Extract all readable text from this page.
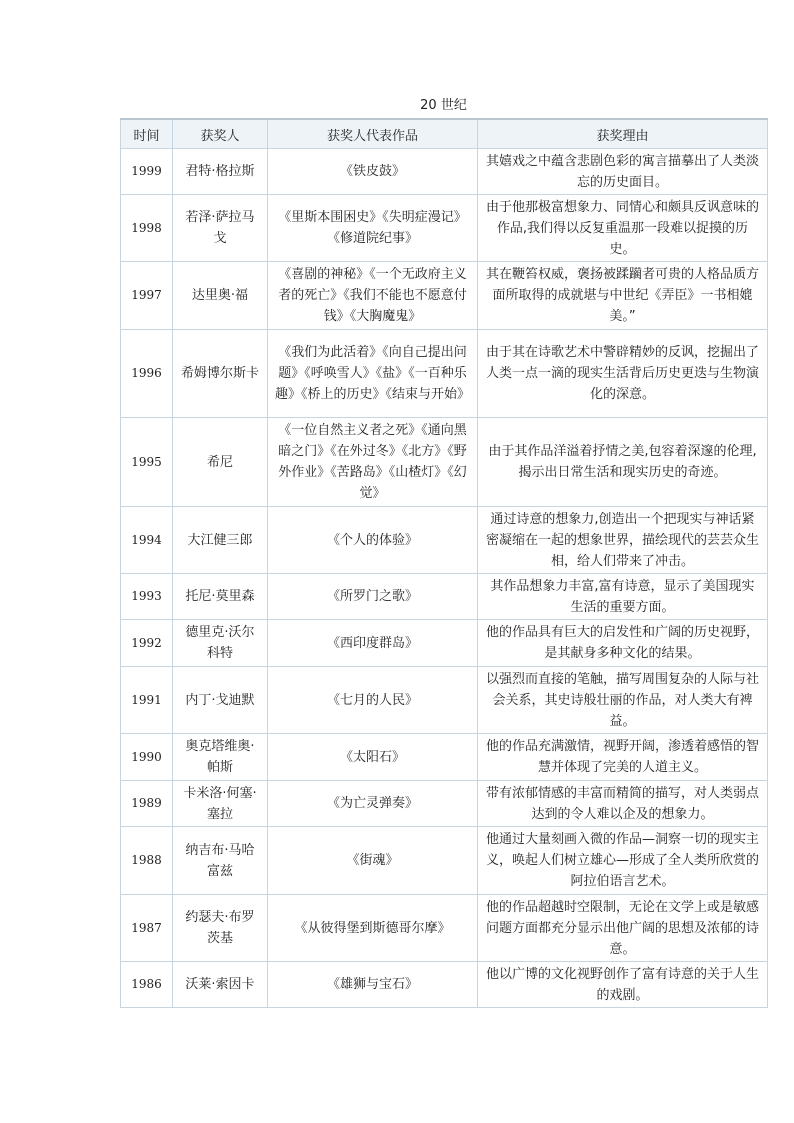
20 世纪
时间	获奖人	获奖人代表作品	获奖理由
1999	君特·格拉斯	《铁皮鼓》	其嬉戏之中蕴含悲剧色彩的寓言描摹出了人类淡忘的历史面目。
1998	若泽·萨拉马戈	《里斯本围困史》《失明症漫记》《修道院纪事》	由于他那极富想象力、同情心和颇具反讽意味的作品,我们得以反复重温那一段难以捉摸的历史。
1997	达里奥·福	《喜剧的神秘》《一个无政府主义者的死亡》《我们不能也不愿意付钱》《大胸魔鬼》	其在鞭笞权威，褒扬被蹂躏者可贵的人格品质方面所取得的成就堪与中世纪《弄臣》一书相媲美。”
1996	希姆博尔斯卡	《我们为此活着》《向自己提出问题》《呼唤雪人》《盐》《一百种乐趣》《桥上的历史》《结束与开始》	由于其在诗歌艺术中警辟精妙的反讽，挖掘出了人类一点一滴的现实生活背后历史更迭与生物演化的深意。
1995	希尼	《一位自然主义者之死》《通向黑暗之门》《在外过冬》《北方》《野外作业》《苦路岛》《山楂灯》《幻觉》	由于其作品洋溢着抒情之美,包容着深邃的伦理,揭示出日常生活和现实历史的奇迹。
1994	大江健三郎	《个人的体验》	通过诗意的想象力,创造出一个把现实与神话紧密凝缩在一起的想象世界，描绘现代的芸芸众生相，给人们带来了冲击。
1993	托尼·莫里森	《所罗门之歌》	其作品想象力丰富,富有诗意，显示了美国现实生活的重要方面。
1992	德里克·沃尔科特	《西印度群岛》	他的作品具有巨大的启发性和广阔的历史视野，是其献身多种文化的结果。
1991	内丁·戈迪默	《七月的人民》	以强烈而直接的笔触，描写周围复杂的人际与社会关系，其史诗般壮丽的作品，对人类大有裨益。
1990	奥克塔维奥·帕斯	《太阳石》	他的作品充满激情，视野开阔，渗透着感悟的智慧并体现了完美的人道主义。
1989	卡米洛·何塞·塞拉	《为亡灵弹奏》	带有浓郁情感的丰富而精简的描写，对人类弱点达到的令人难以企及的想象力。
1988	纳吉布·马哈富兹	《街魂》	他通过大量刻画入微的作品—洞察一切的现实主义，唤起人们树立雄心—形成了全人类所欣赏的阿拉伯语言艺术。
1987	约瑟夫·布罗茨基	《从彼得堡到斯德哥尔摩》	他的作品超越时空限制，无论在文学上或是敏感问题方面都充分显示出他广阔的思想及浓郁的诗意。
1986	沃莱·索因卡	《雄狮与宝石》	他以广博的文化视野创作了富有诗意的关于人生的戏剧。
